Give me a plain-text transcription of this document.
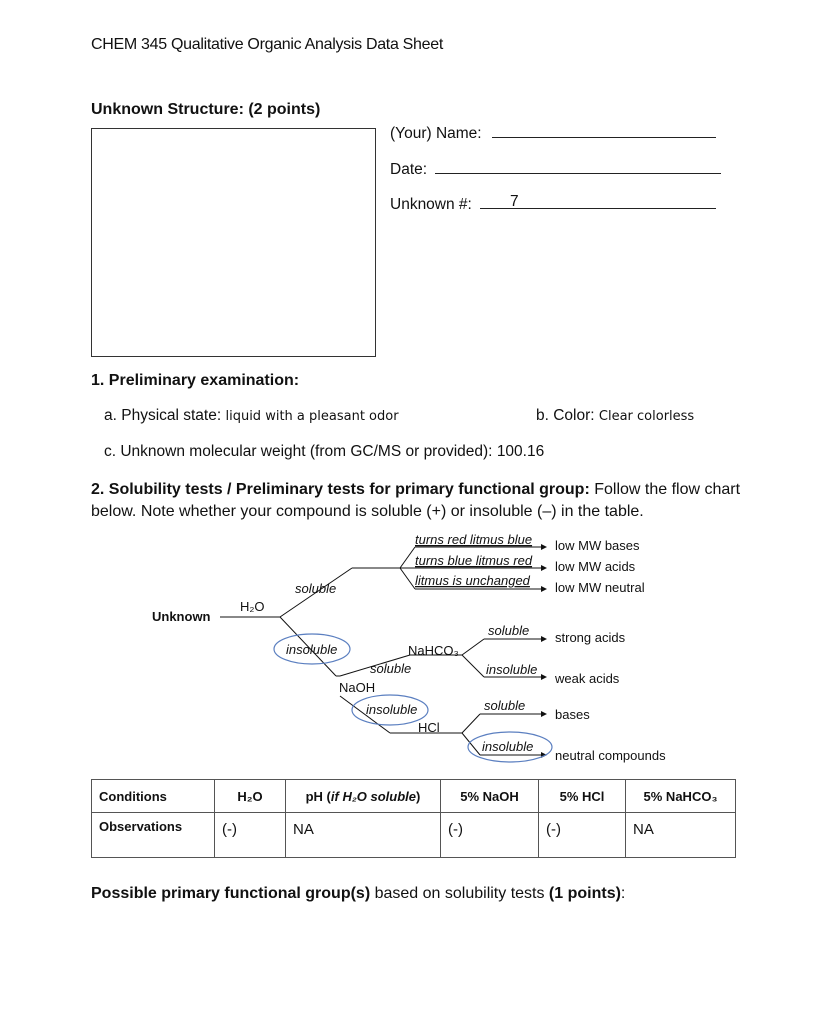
CHEM 345 Qualitative Organic Analysis Data Sheet
Unknown Structure: (2 points)
(Your) Name:
Date:
Unknown #: 7
1. Preliminary examination:
a. Physical state: liquid with a pleasant odor	b. Color: Clear colorless
c. Unknown molecular weight (from GC/MS or provided): 100.16
2. Solubility tests / Preliminary tests for primary functional group: Follow the flow chart below. Note whether your compound is soluble (+) or insoluble (–) in the table.
Unknown
H₂O
soluble
insoluble
turns red litmus blue
turns blue litmus red
litmus is unchanged
low MW bases
low MW acids
low MW neutral
NaHCO₃
soluble
NaOH
insoluble
HCl
soluble
insoluble
soluble
insoluble
strong acids
weak acids
bases
neutral compounds
Conditions	H₂O	pH (if H₂O soluble)	5% NaOH	5% HCl	5% NaHCO₃
Observations	(-)	NA	(-)	(-)	NA
Possible primary functional group(s) based on solubility tests (1 points):
